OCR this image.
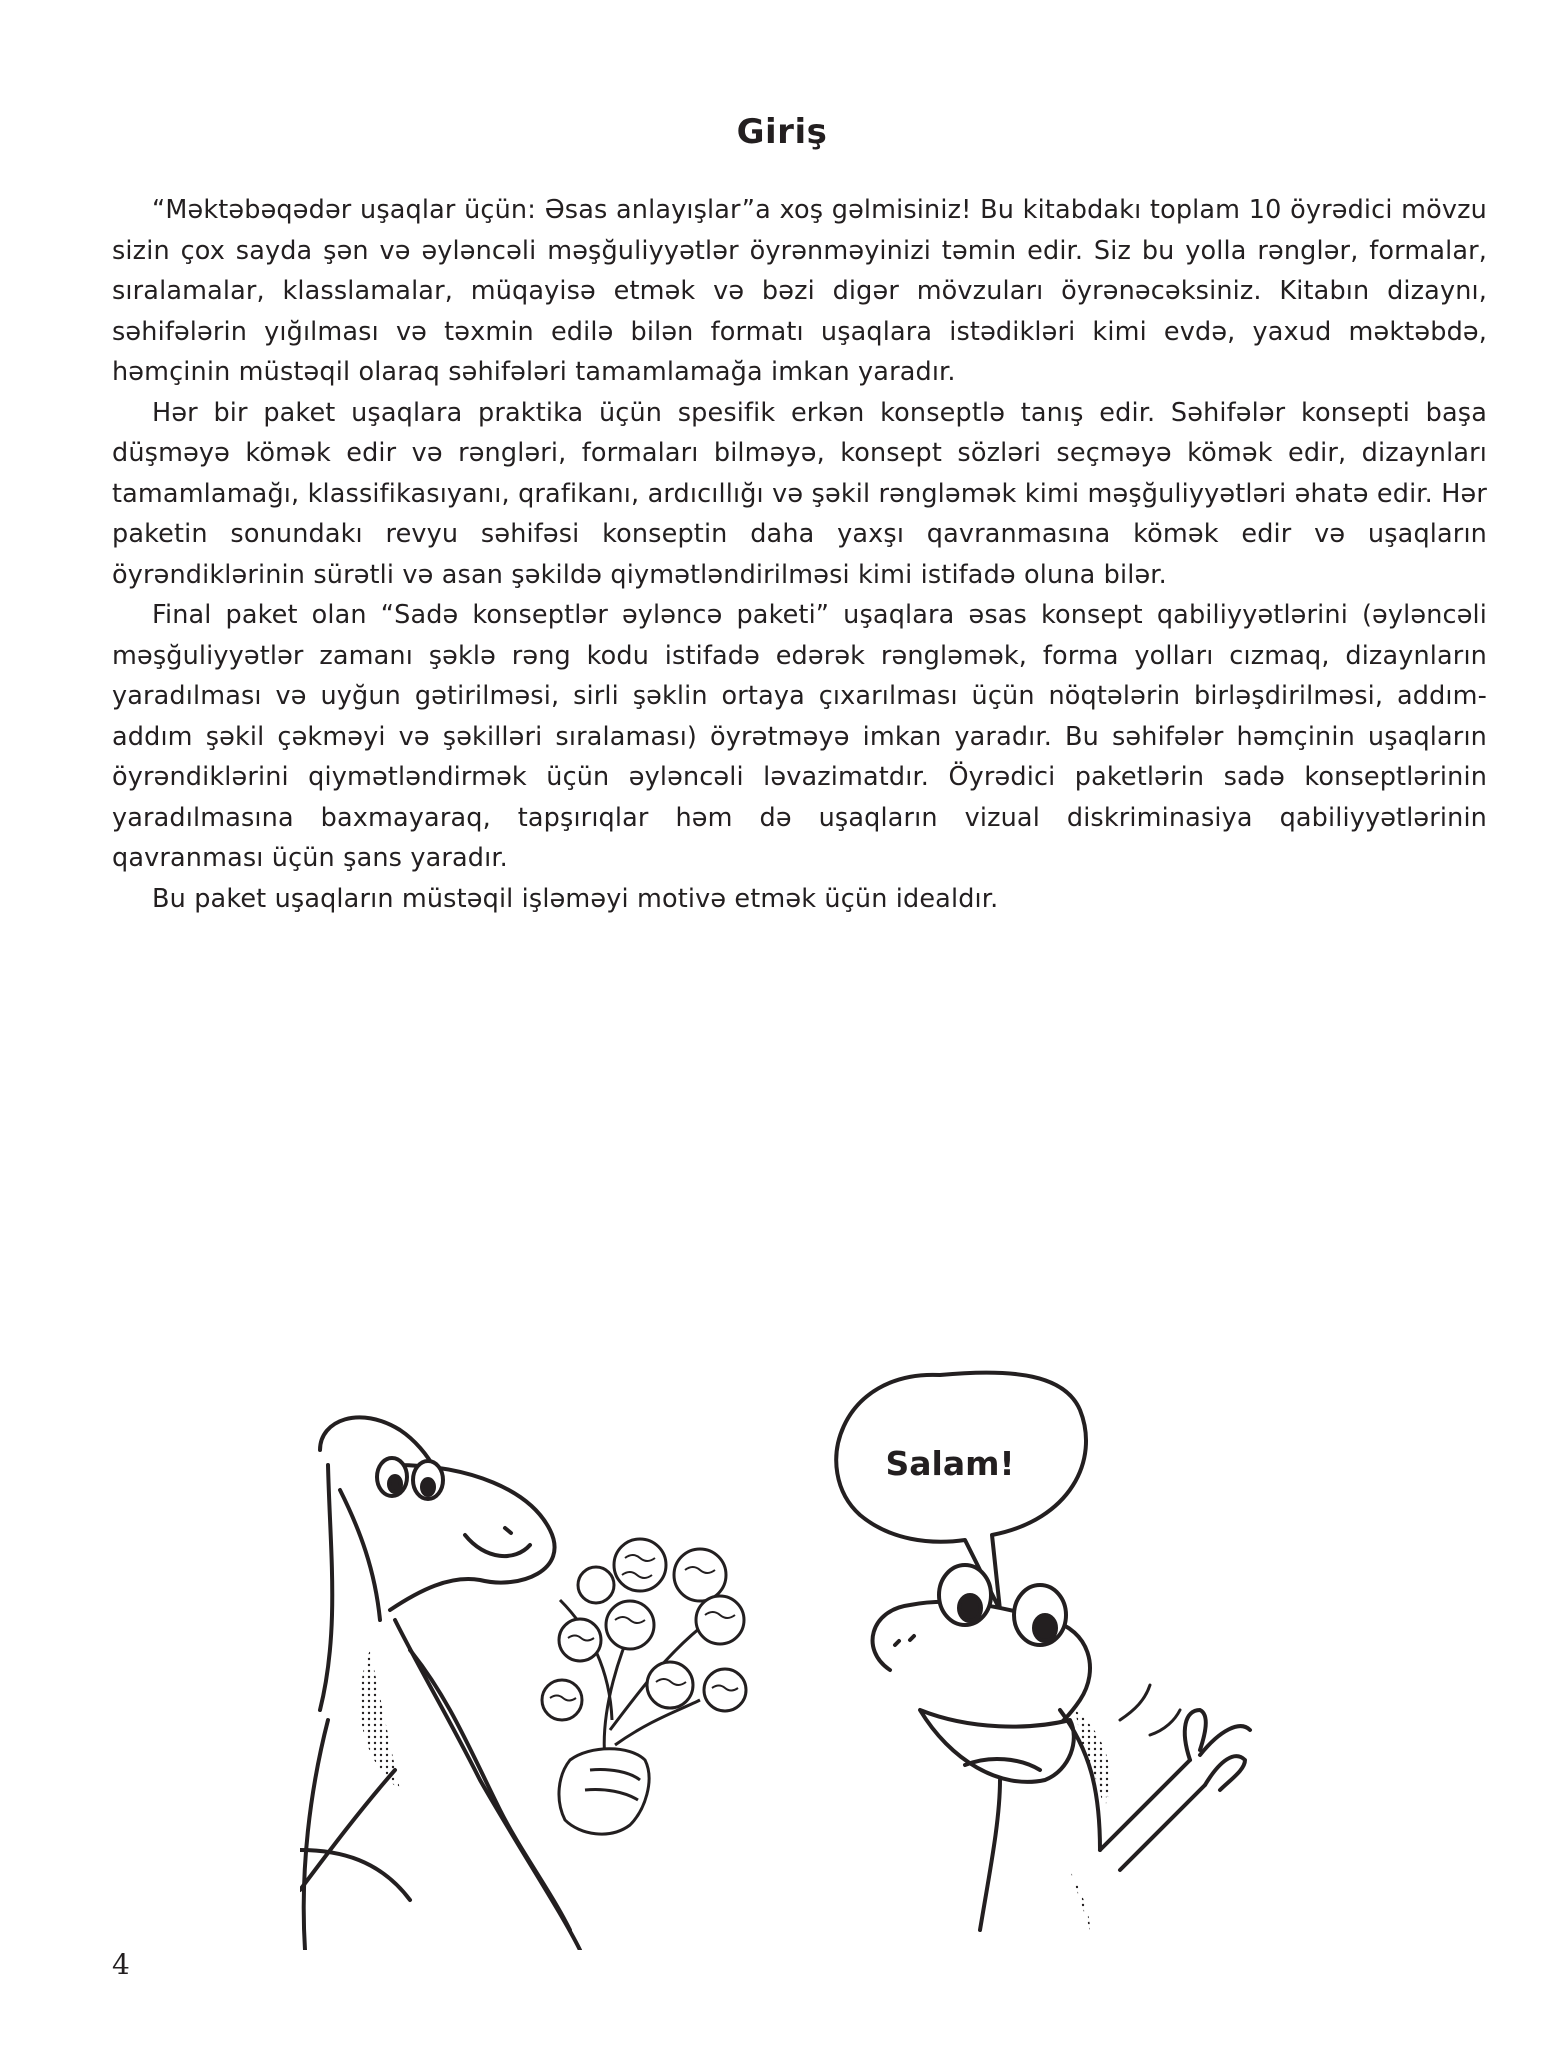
Giriş

“Məktəbəqədər uşaqlar üçün: Əsas anlayışlar”a xoş gəlmisiniz! Bu kitabdakı toplam 10 öyrədici mövzu sizin çox sayda şən və əyləncəli məşğuliyyətlər öyrənməyinizi təmin edir. Siz bu yolla rənglər, formalar, sıralamalar, klasslamalar, müqayisə etmək və bəzi digər mövzuları öyrənəcəksiniz. Kitabın dizaynı, səhifələrin yığılması və təxmin edilə bilən formatı uşaqlara istədikləri kimi evdə, yaxud məktəbdə, həmçinin müstəqil olaraq səhifələri tamamlamağa imkan yaradır.

Hər bir paket uşaqlara praktika üçün spesifik erkən konseptlə tanış edir. Səhifələr konsepti başa düşməyə kömək edir və rəngləri, formaları bilməyə, konsept sözləri seçməyə kömək edir, dizaynları tamamlamağı, klassifikasıyanı, qrafikanı, ardıcıllığı və şəkil rəngləmək kimi məşğuliyyətləri əhatə edir. Hər paketin sonundakı revyu səhifəsi konseptin daha yaxşı qavranmasına kömək edir və uşaqların öyrəndiklərinin sürətli və asan şəkildə qiymətləndirilməsi kimi istifadə oluna bilər.

Final paket olan “Sadə konseptlər əyləncə paketi” uşaqlara əsas konsept qabiliyyətlərini (əyləncəli məşğuliyyətlər zamanı şəklə rəng kodu istifadə edərək rəngləmək, forma yolları cızmaq, dizaynların yaradılması və uyğun gətirilməsi, sirli şəklin ortaya çıxarılması üçün nöqtələrin birləşdirilməsi, addım-addım şəkil çəkməyi və şəkilləri sıralaması) öyrətməyə imkan yaradır. Bu səhifələr həmçinin uşaqların öyrəndiklərini qiymətləndirmək üçün əyləncəli ləvazimatdır. Öyrədici paketlərin sadə konseptlərinin yaradılmasına baxmayaraq, tapşırıqlar həm də uşaqların vizual diskriminasiya qabiliyyətlərinin qavranması üçün şans yaradır.

Bu paket uşaqların müstəqil işləməyi motivə etmək üçün idealdır.

Salam!
4
